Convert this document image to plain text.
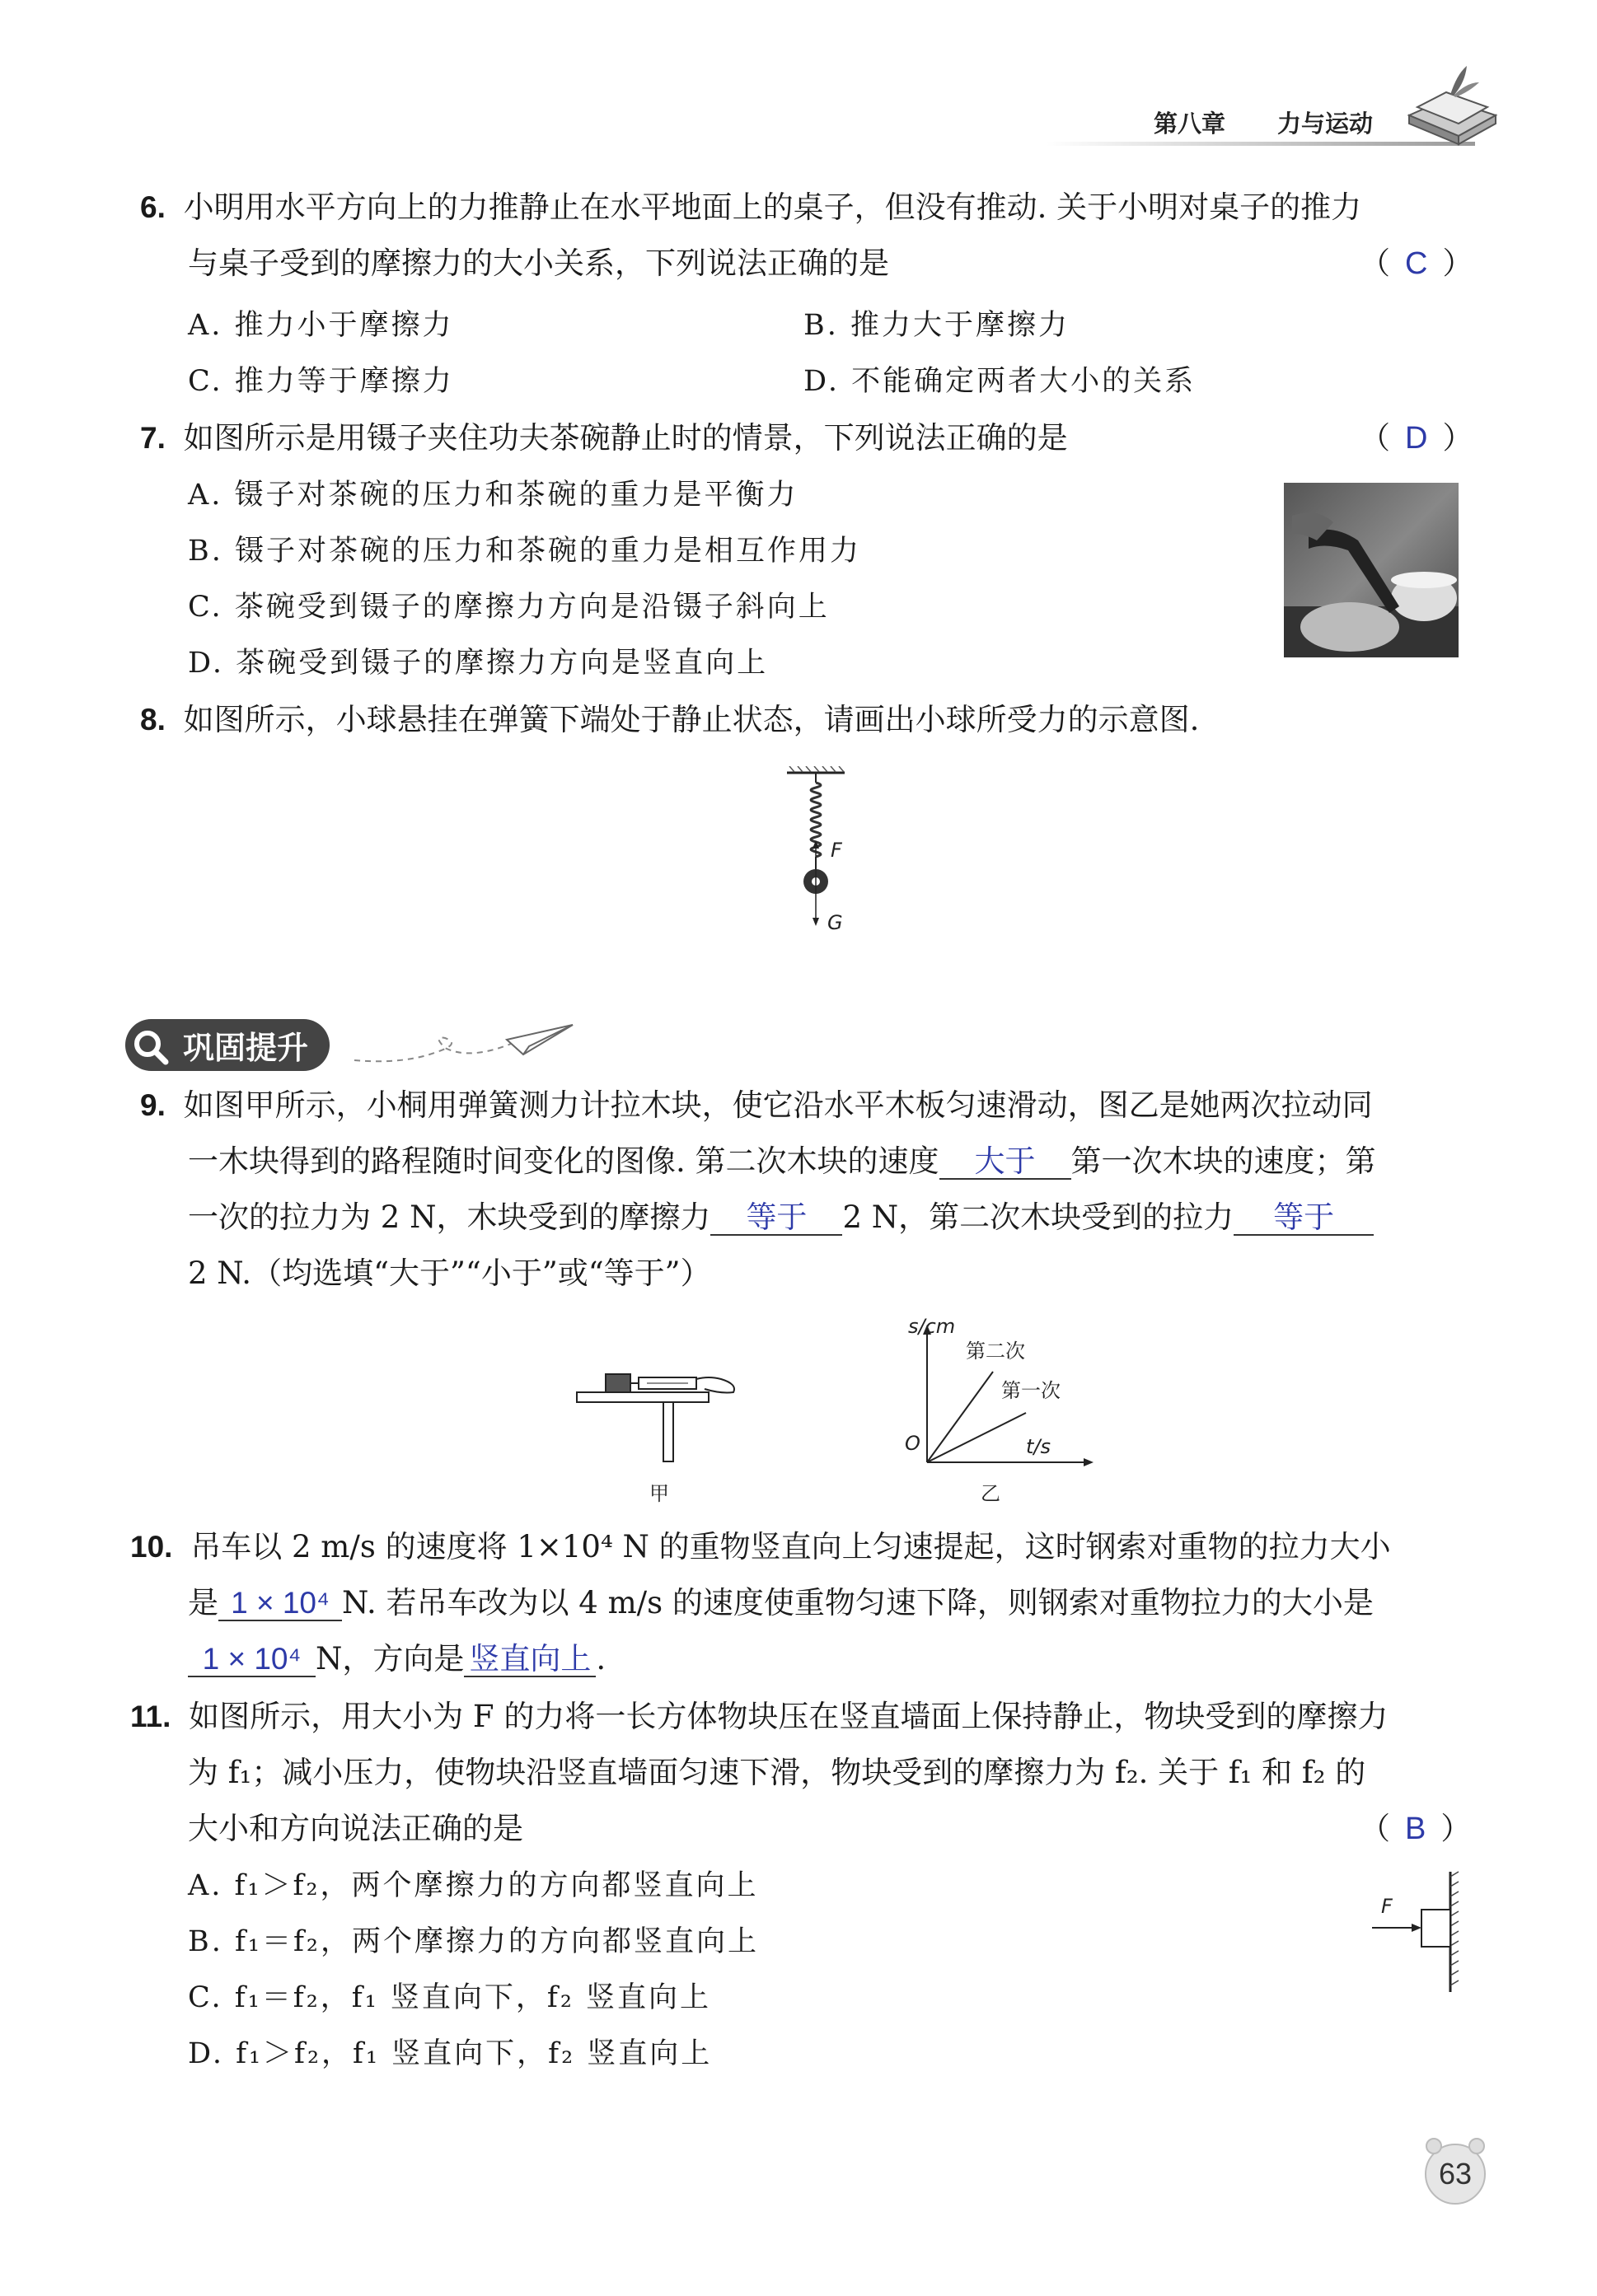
第八章 力与运动
6. 小明用水平方向上的力推静止在水平地面上的桌子，但没有推动. 关于小明对桌子的推力
与桌子受到的摩擦力的大小关系，下列说法正确的是	（ C ）
A. 推力小于摩擦力	B. 推力大于摩擦力
C. 推力等于摩擦力	D. 不能确定两者大小的关系
7. 如图所示是用镊子夹住功夫茶碗静止时的情景，下列说法正确的是	（ D ）
A. 镊子对茶碗的压力和茶碗的重力是平衡力
B. 镊子对茶碗的压力和茶碗的重力是相互作用力
C. 茶碗受到镊子的摩擦力方向是沿镊子斜向上
D. 茶碗受到镊子的摩擦力方向是竖直向上
8. 如图所示，小球悬挂在弹簧下端处于静止状态，请画出小球所受力的示意图.
F
G
巩固提升
9. 如图甲所示，小桐用弹簧测力计拉木块，使它沿水平木板匀速滑动，图乙是她两次拉动同
一木块得到的路程随时间变化的图像. 第二次木块的速度 大于 第一次木块的速度；第
一次的拉力为 2 N，木块受到的摩擦力 等于 2 N，第二次木块受到的拉力 等于
2 N.（均选填“大于”“小于”或“等于”）
甲
s/cm
第二次
第一次
O	t/s
乙
10. 吊车以 2 m/s 的速度将 1×10⁴ N 的重物竖直向上匀速提起，这时钢索对重物的拉力大小
是 1 × 10⁴ N. 若吊车改为以 4 m/s 的速度使重物匀速下降，则钢索对重物拉力的大小是
1 × 10⁴ N，方向是 竖直向上 .
11. 如图所示，用大小为 F 的力将一长方体物块压在竖直墙面上保持静止，物块受到的摩擦力
为 f₁；减小压力，使物块沿竖直墙面匀速下滑，物块受到的摩擦力为 f₂. 关于 f₁ 和 f₂ 的
大小和方向说法正确的是	（ B ）
A. f₁＞f₂，两个摩擦力的方向都竖直向上
B. f₁＝f₂，两个摩擦力的方向都竖直向上
C. f₁＝f₂，f₁ 竖直向下，f₂ 竖直向上
D. f₁＞f₂，f₁ 竖直向下，f₂ 竖直向上
F
63
